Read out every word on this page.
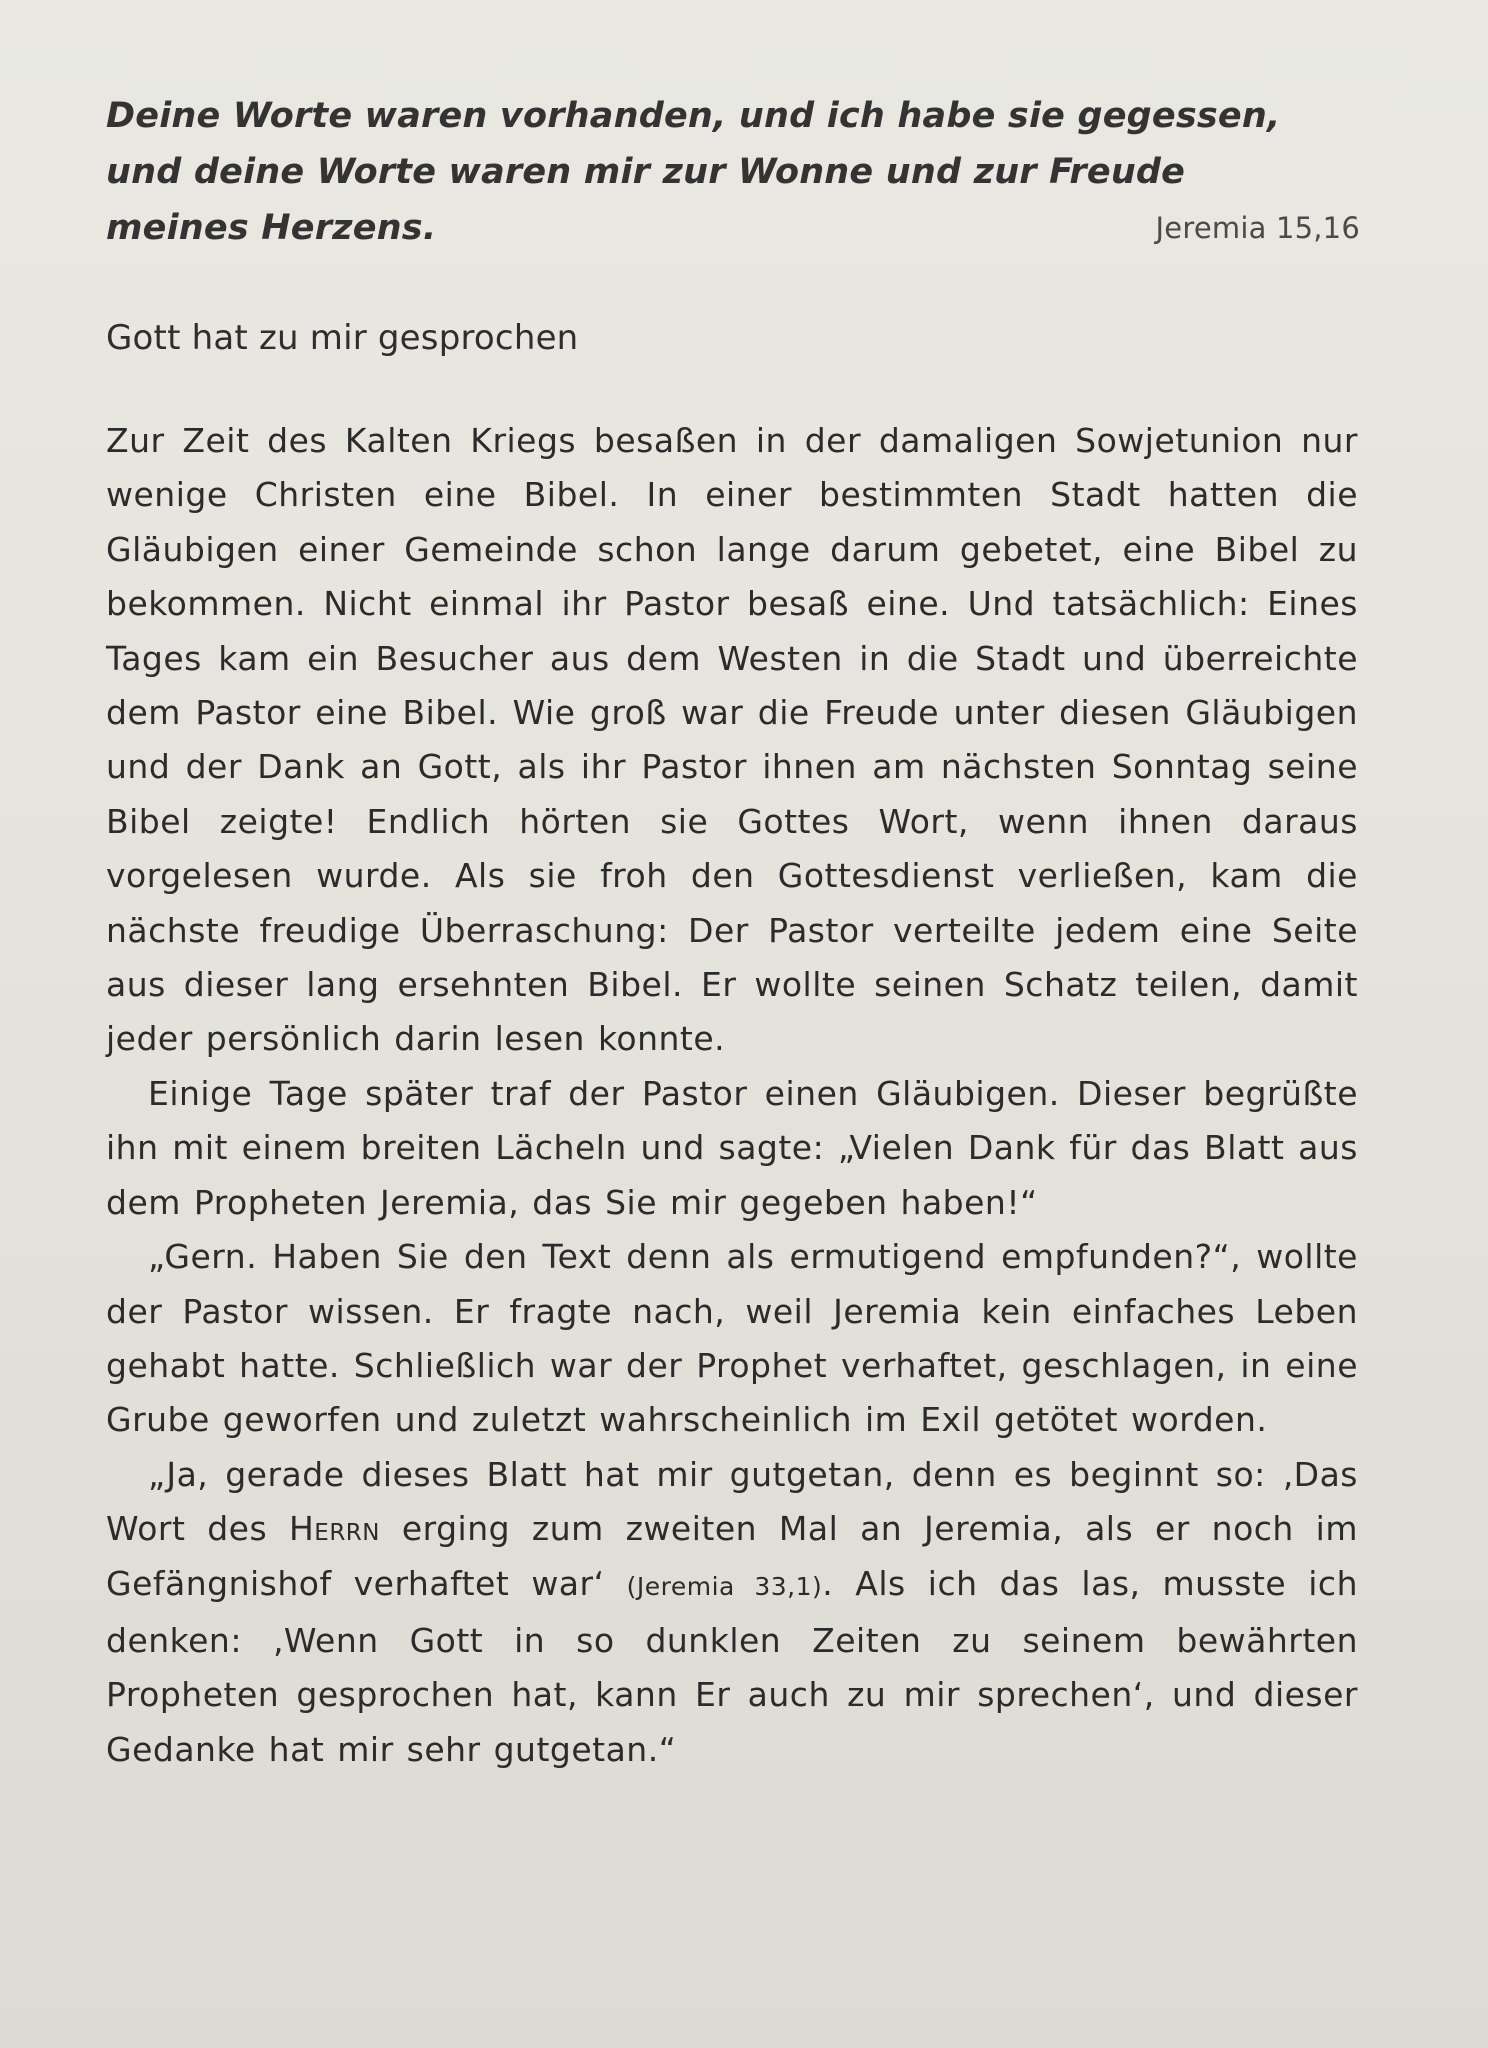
Deine Worte waren vorhanden, und ich habe sie gegessen,
und deine Worte waren mir zur Wonne und zur Freude
meines Herzens.	Jeremia 15,16
Gott hat zu mir gesprochen

Zur Zeit des Kalten Kriegs besaßen in der damaligen Sowjetunion nur wenige Christen eine Bibel. In einer bestimmten Stadt hatten die Gläubigen einer Gemeinde schon lange darum gebetet, eine Bibel zu bekommen. Nicht einmal ihr Pastor besaß eine. Und tatsächlich: Eines Tages kam ein Besucher aus dem Westen in die Stadt und überreichte dem Pastor eine Bibel. Wie groß war die Freude unter diesen Gläubigen und der Dank an Gott, als ihr Pastor ihnen am nächsten Sonntag seine Bibel zeigte! Endlich hörten sie Gottes Wort, wenn ihnen daraus vorgelesen wurde. Als sie froh den Gottesdienst verließen, kam die nächste freudige Überraschung: Der Pastor verteilte jedem eine Seite aus dieser lang ersehnten Bibel. Er wollte seinen Schatz teilen, damit jeder persönlich darin lesen konnte.

Einige Tage später traf der Pastor einen Gläubigen. Dieser begrüßte ihn mit einem breiten Lächeln und sagte: „Vielen Dank für das Blatt aus dem Propheten Jeremia, das Sie mir gegeben haben!“

„Gern. Haben Sie den Text denn als ermutigend empfunden?“, wollte der Pastor wissen. Er fragte nach, weil Jeremia kein einfaches Leben gehabt hatte. Schließlich war der Prophet verhaftet, geschlagen, in eine Grube geworfen und zuletzt wahrscheinlich im Exil getötet worden.

„Ja, gerade dieses Blatt hat mir gutgetan, denn es beginnt so: ‚Das Wort des Herrn erging zum zweiten Mal an Jeremia, als er noch im Gefängnishof verhaftet war‘ (Jeremia 33,1). Als ich das las, musste ich denken: ‚Wenn Gott in so dunklen Zeiten zu seinem bewährten Propheten gesprochen hat, kann Er auch zu mir sprechen‘, und dieser Gedanke hat mir sehr gutgetan.“
